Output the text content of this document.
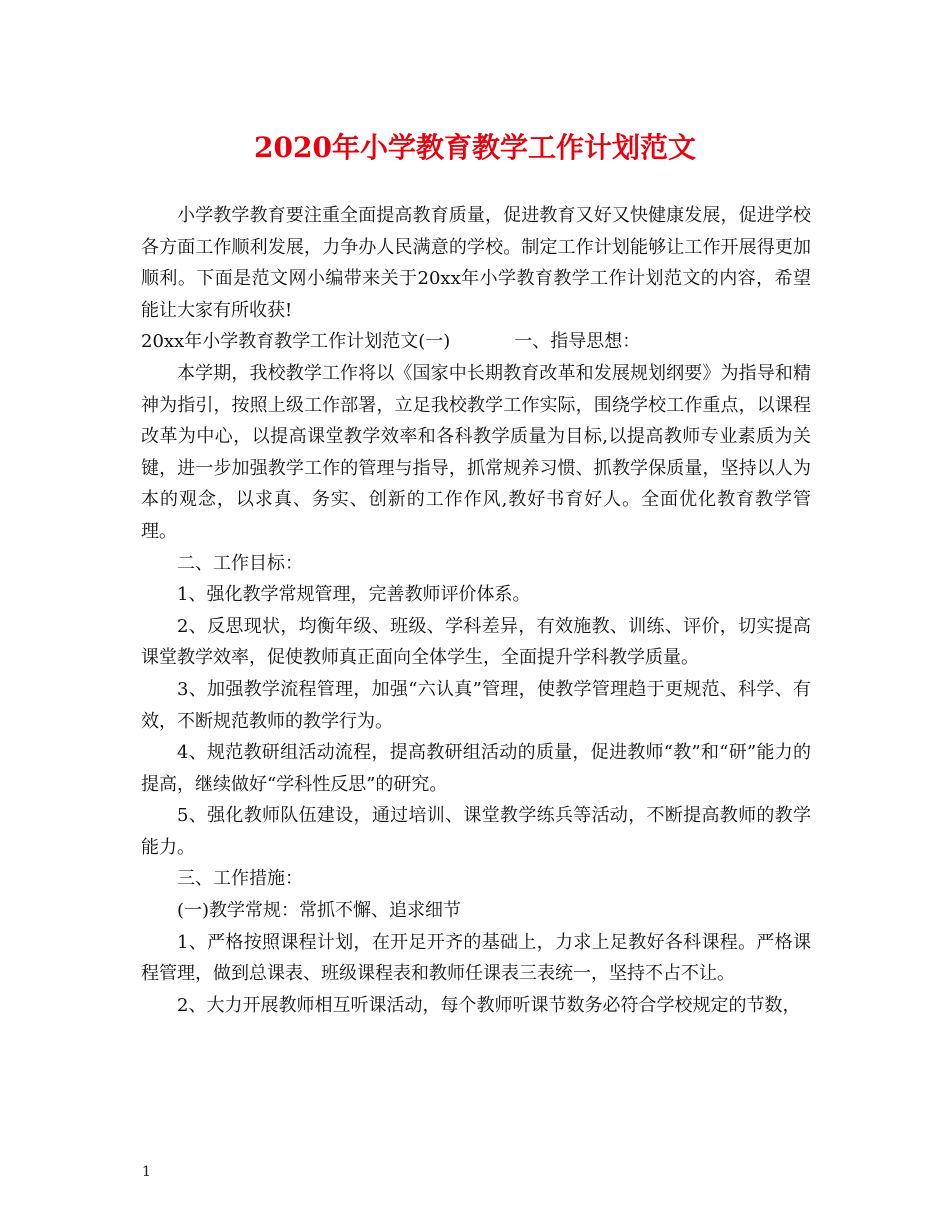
2020年小学教育教学工作计划范文

小学教学教育要注重全面提高教育质量，促进教育又好又快健康发展，促进学校各方面工作顺利发展，力争办人民满意的学校。制定工作计划能够让工作开展得更加顺利。下面是范文网小编带来关于20xx年小学教育教学工作计划范文的内容，希望能让大家有所收获!

20xx年小学教育教学工作计划范文(一)	一、指导思想：

本学期，我校教学工作将以《国家中长期教育改革和发展规划纲要》为指导和精神为指引，按照上级工作部署，立足我校教学工作实际，围绕学校工作重点，以课程改革为中心，以提高课堂教学效率和各科教学质量为目标,以提高教师专业素质为关键，进一步加强教学工作的管理与指导，抓常规养习惯、抓教学保质量，坚持以人为本的观念，以求真、务实、创新的工作作风,教好书育好人。全面优化教育教学管理。

二、工作目标：

1、强化教学常规管理，完善教师评价体系。

2、反思现状，均衡年级、班级、学科差异，有效施教、训练、评价，切实提高课堂教学效率，促使教师真正面向全体学生，全面提升学科教学质量。

3、加强教学流程管理，加强“六认真”管理，使教学管理趋于更规范、科学、有效，不断规范教师的教学行为。

4、规范教研组活动流程，提高教研组活动的质量，促进教师“教”和“研”能力的提高，继续做好“学科性反思”的研究。

5、强化教师队伍建设，通过培训、课堂教学练兵等活动，不断提高教师的教学能力。

三、工作措施：

(一)教学常规：常抓不懈、追求细节

1、严格按照课程计划，在开足开齐的基础上，力求上足教好各科课程。严格课程管理，做到总课表、班级课程表和教师任课表三表统一，坚持不占不让。

2、大力开展教师相互听课活动，每个教师听课节数务必符合学校规定的节数，

1
